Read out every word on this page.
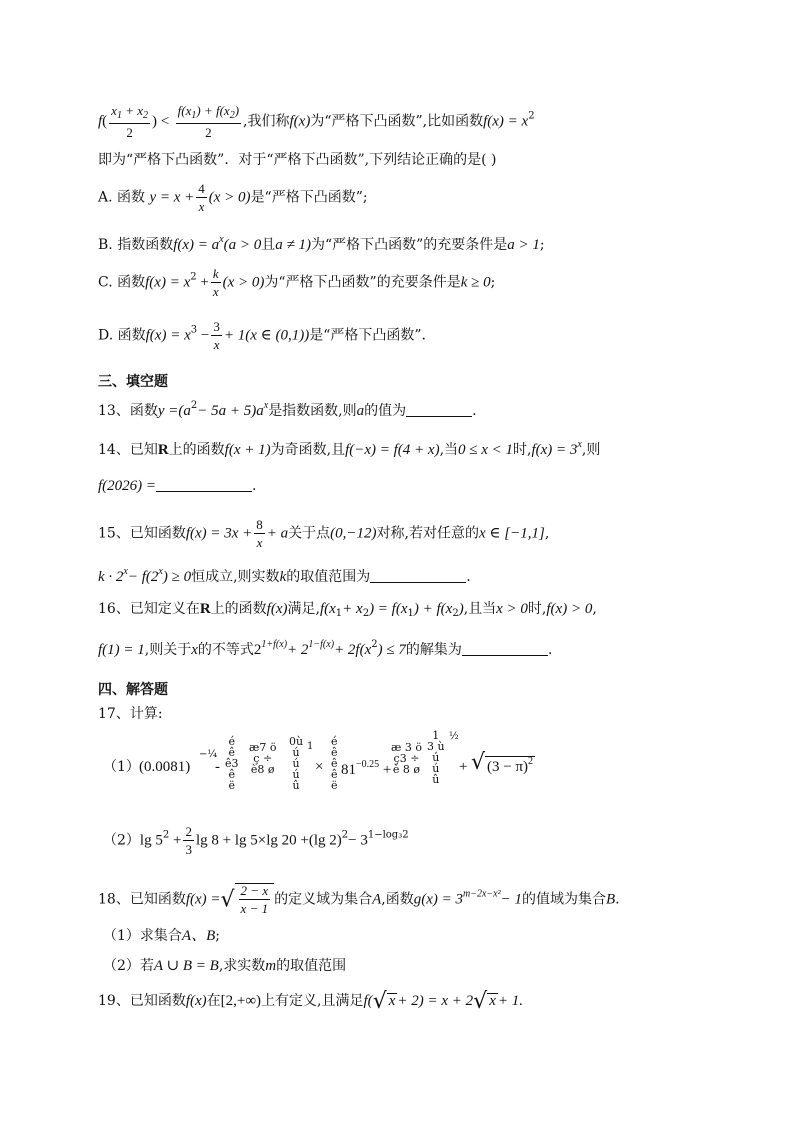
$f( \frac{x_1 + x_2}{2}$ ) < $\frac{f(x_1) + f(x_2)}{2}$ ,我们称f(x)为“严格下凸函数”,比如函数$f(x) = x^2$
即为“严格下凸函数”．对于“严格下凸函数”,下列结论正确的是( )
A. 函数 $y = x + \frac{4}{x} (x > 0)$是“严格下凸函数”;
B. 指数函数$f(x) = a^x(a > 0$且a ≠ 1)为“严格下凸函数”的充要条件是a > 1;
C. 函数$f(x) = x^2 + \frac{k}{x} (x > 0)$为“严格下凸函数”的充要条件是k ≥ 0;
D. 函数$f(x) = x^3 - \frac{3}{x} + 1(x$ ∈ (0,1))是“严格下凸函数”.
三、填空题
13、函数$y =(a^2- 5a + 5)a^x$是指数函数,则a的值为	.
14、已知R上的函数f(x + 1)为奇函数,且f(−x) = f(4 + x),当0 ≤ x < 1时$,f(x) = 3^x$,则
f(2026) =	.
15、已知函数$f(x) = 3x + \frac{8}{x} + a$关于点(0,−12)对称,若对任意的x ∈ [−1,1],
$k \cdot 2^x- f(2^x) \ge 0$恒成立,则实数k的取值范围为	.
16、已知定义在R上的函数f(x)满足$,f(x_1+ x_2) = f(x_1) + f(x_2)$,且当x > 0时,f(x) > 0,
f(1) = 1,则关于x的不等式$2^{1+f(x)}+ 2^{1-f(x)}+ 2f(x^2) \le 7$的解集为	.
四、解答题
17、计算:
（1） (0.0081)
−¼
-
é
ê
ê3
ê
ë
æ7 ö
ç ÷
è8 ø
0ù
ú
ú
ú
û
1
×
é
ê
ê
ê
ë
$81^{-0.25}$ +
æ 3 ö
ç3 ÷
è 8 ø
1
3 ù
ú
ú
û
½
+ √ $(3 - \pi)^2$
（2）lg $5^2 + \frac{2}{3}$ lg 8 + lg 5×lg 20 +(lg $2)^2- 3^{1-log_32}$
18、已知函数f(x) =√ $\frac{2 - x}{x - 1}$ 的定义域为集合A,函数$g(x) = 3^{m-2x-x^2}- 1$的值域为集合B.
（1）求集合A、B;
（2）若A ∪ B = B,求实数m的取值范围
19、已知函数f(x)在[2,+∞)上有定义,且满足f(√ x + 2) = x + 2√ x + 1.
